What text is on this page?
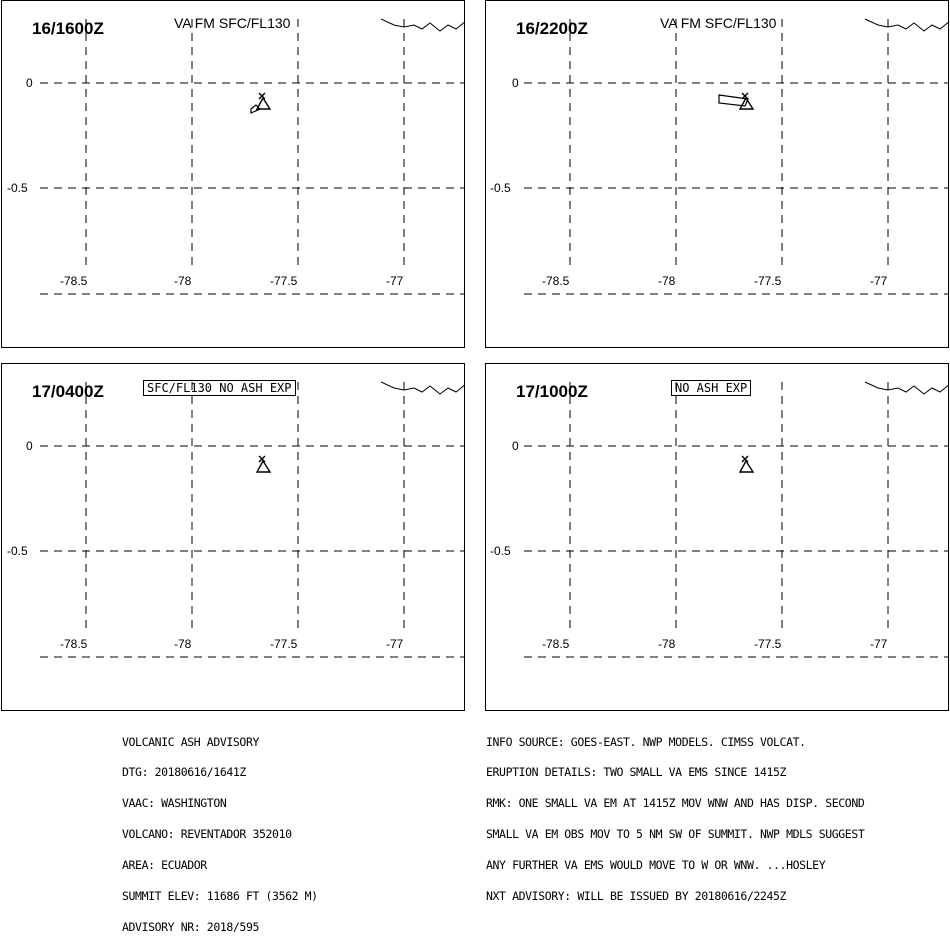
16/1600Z	VA FM SFC/FL130
0
-0.5
-78.5	-78	-77.5	-77
16/2200Z	VA FM SFC/FL130
0
-0.5
-78.5	-78	-77.5	-77
17/0400Z	SFC/FL130 NO ASH EXP
0
-0.5
-78.5	-78	-77.5	-77
17/1000Z	NO ASH EXP
0
-0.5
-78.5	-78	-77.5	-77

VOLCANIC ASH ADVISORY

DTG: 20180616/1641Z

VAAC: WASHINGTON

VOLCANO: REVENTADOR 352010

AREA: ECUADOR

SUMMIT ELEV: 11686 FT (3562 M)

ADVISORY NR: 2018/595

INFO SOURCE: GOES-EAST. NWP MODELS. CIMSS VOLCAT.

ERUPTION DETAILS: TWO SMALL VA EMS SINCE 1415Z

RMK: ONE SMALL VA EM AT 1415Z MOV WNW AND HAS DISP. SECOND

SMALL VA EM OBS MOV TO 5 NM SW OF SUMMIT. NWP MDLS SUGGEST

ANY FURTHER VA EMS WOULD MOVE TO W OR WNW. ...HOSLEY

NXT ADVISORY: WILL BE ISSUED BY 20180616/2245Z
